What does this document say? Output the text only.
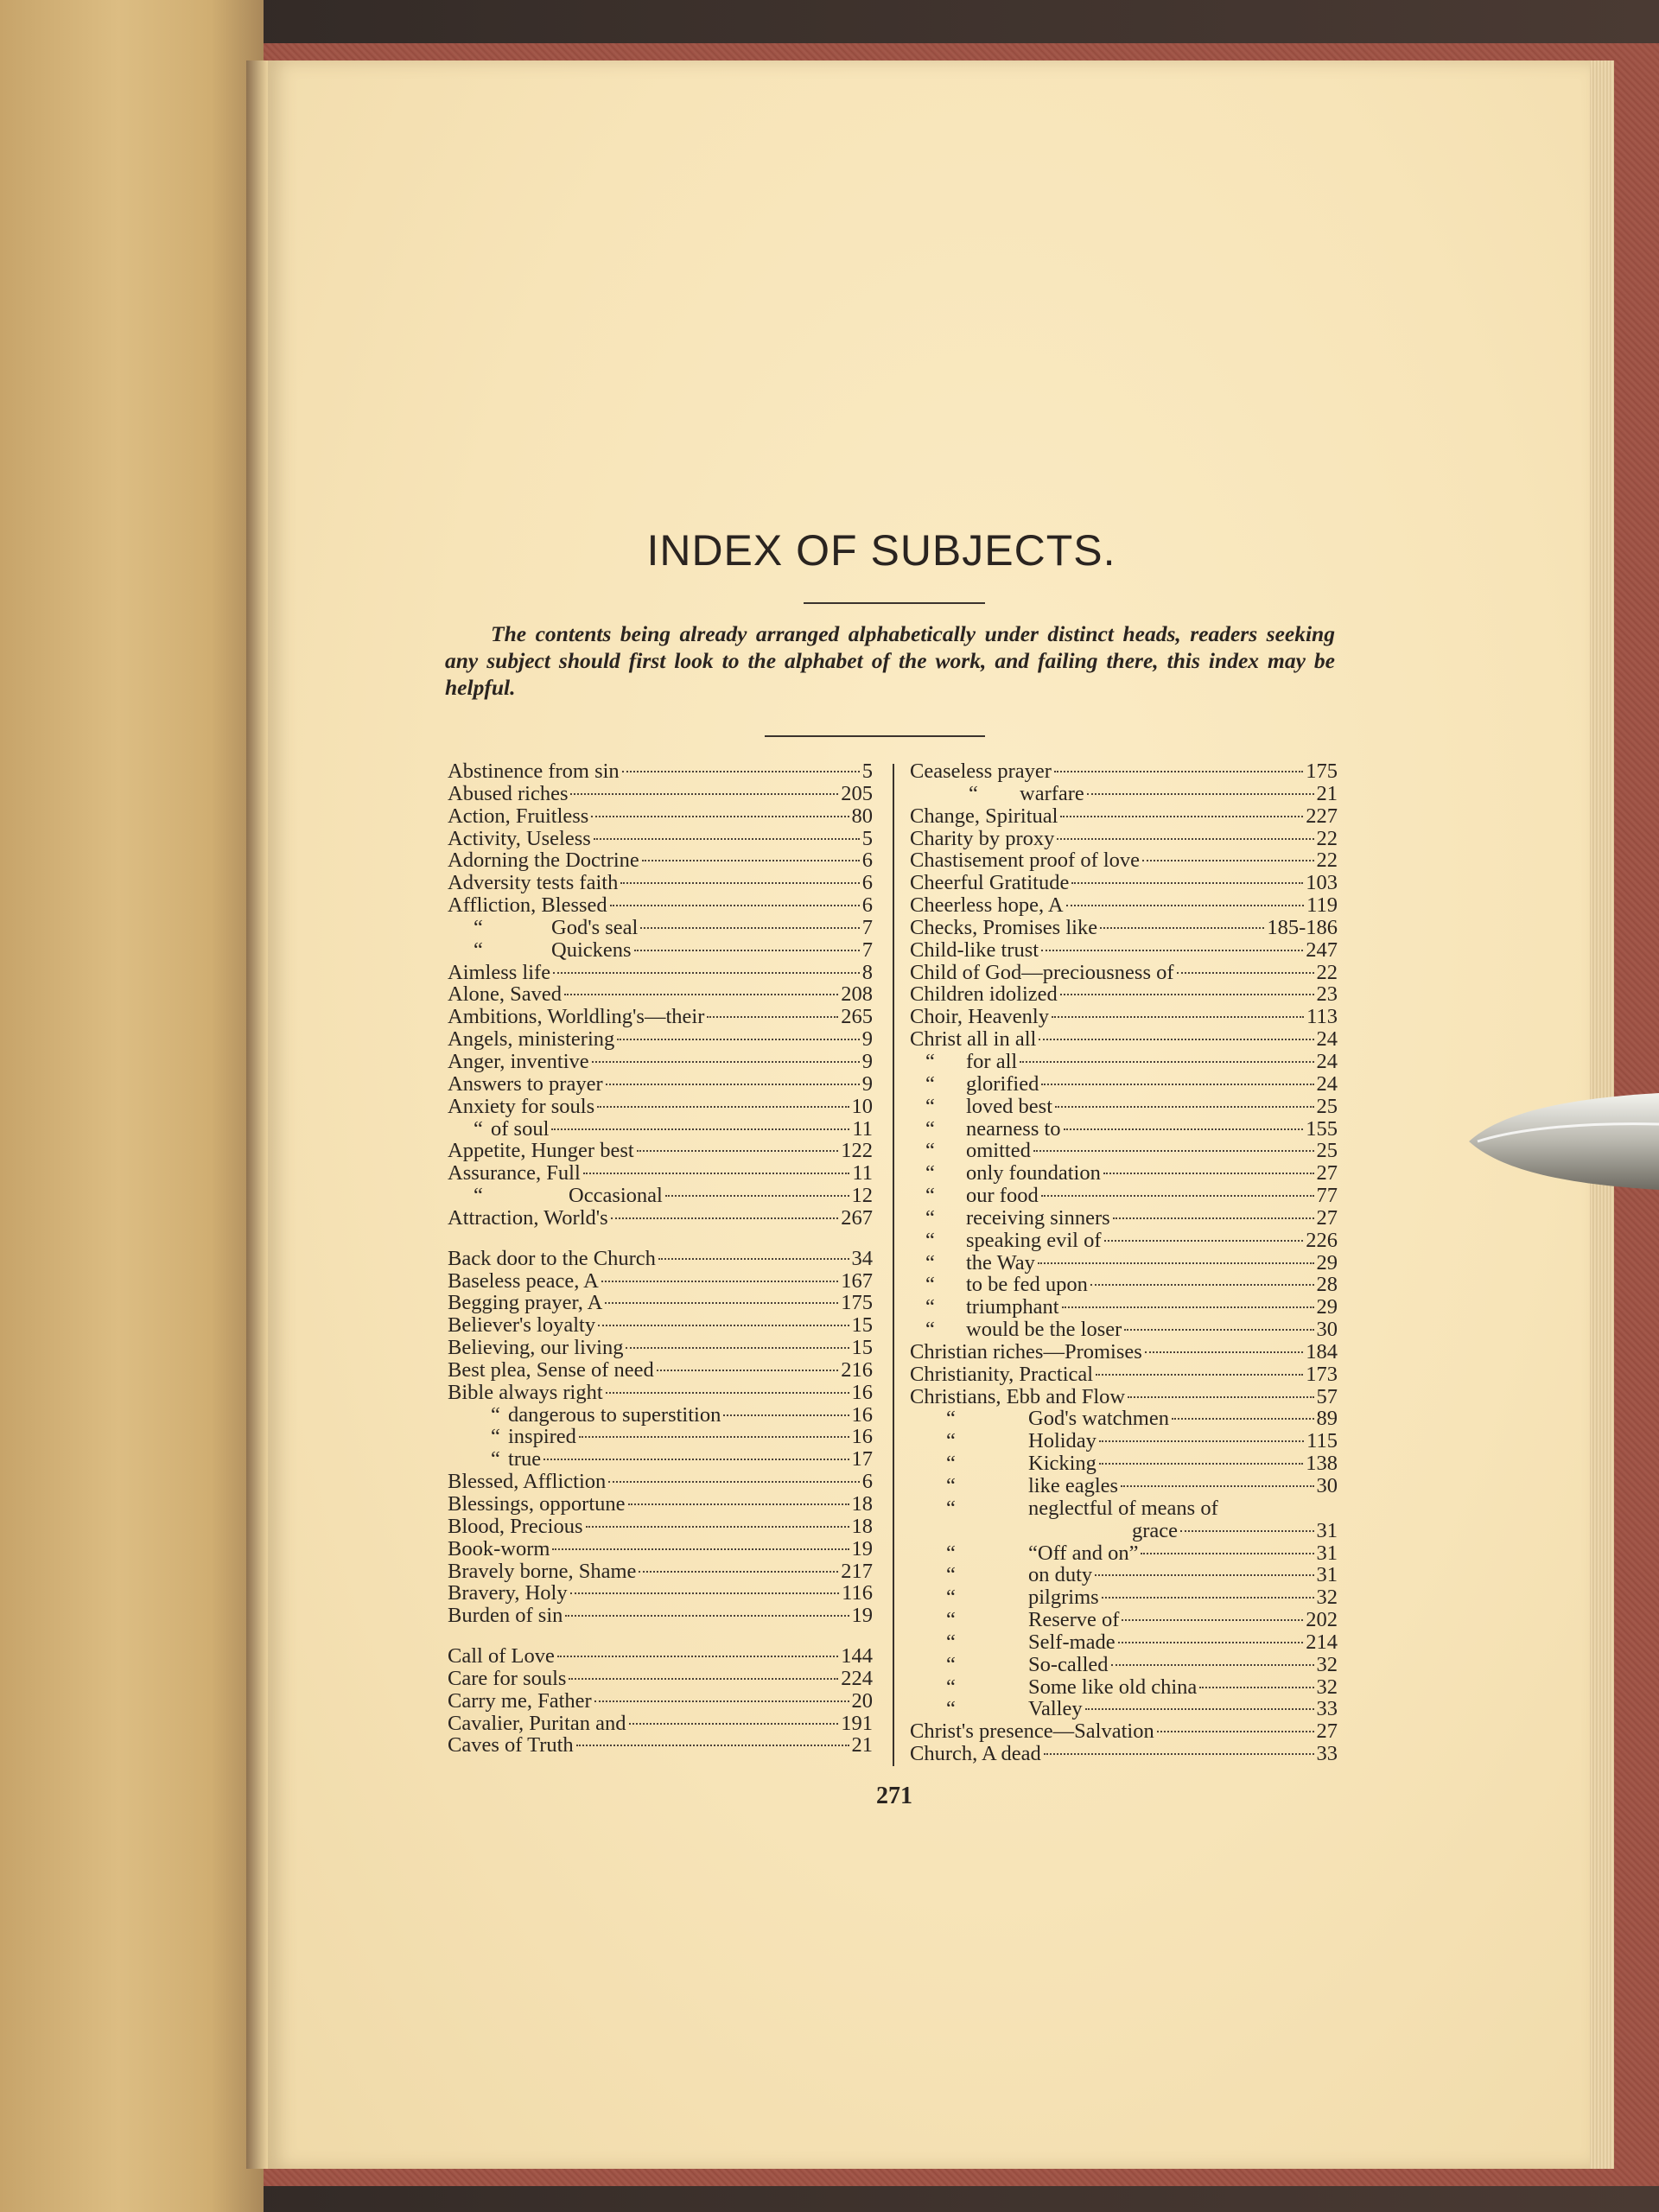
INDEX OF SUBJECTS.
The contents being already arranged alphabetically under distinct heads, readers seeking any subject should first look to the alphabet of the work, and failing there, this index may be helpful.
Abstinence from sin	5
Abused riches	205
Action, Fruitless	80
Activity, Useless	5
Adorning the Doctrine	6
Adversity tests faith	6
Affliction, Blessed	6
“	God's seal	7
“	Quickens	7
Aimless life	8
Alone, Saved	208
Ambitions, Worldling's—their	265
Angels, ministering	9
Anger, inventive	9
Answers to prayer	9
Anxiety for souls	10
“ of soul	11
Appetite, Hunger best	122
Assurance, Full	11
“	Occasional	12
Attraction, World's	267
Back door to the Church	34
Baseless peace, A	167
Begging prayer, A	175
Believer's loyalty	15
Believing, our living	15
Best plea, Sense of need	216
Bible always right	16
“ dangerous to superstition	16
“ inspired	16
“ true	17
Blessed, Affliction	6
Blessings, opportune	18
Blood, Precious	18
Book-worm	19
Bravely borne, Shame	217
Bravery, Holy	116
Burden of sin	19
Call of Love	144
Care for souls	224
Carry me, Father	20
Cavalier, Puritan and	191
Caves of Truth	21
Ceaseless prayer	175
“	warfare	21
Change, Spiritual	227
Charity by proxy	22
Chastisement proof of love	22
Cheerful Gratitude	103
Cheerless hope, A	119
Checks, Promises like	185-186
Child-like trust	247
Child of God—preciousness of	22
Children idolized	23
Choir, Heavenly	113
Christ all in all	24
“	for all	24
“	glorified	24
“	loved best	25
“	nearness to	155
“	omitted	25
“	only foundation	27
“	our food	77
“	receiving sinners	27
“	speaking evil of	226
“	the Way	29
“	to be fed upon	28
“	triumphant	29
“	would be the loser	30
Christian riches—Promises	184
Christianity, Practical	173
Christians, Ebb and Flow	57
“	God's watchmen	89
“	Holiday	115
“	Kicking	138
“	like eagles	30
“	neglectful of means of
grace	31
“	“Off and on”	31
“	on duty	31
“	pilgrims	32
“	Reserve of	202
“	Self-made	214
“	So-called	32
“	Some like old china	32
“	Valley	33
Christ's presence—Salvation	27
Church, A dead	33
271
